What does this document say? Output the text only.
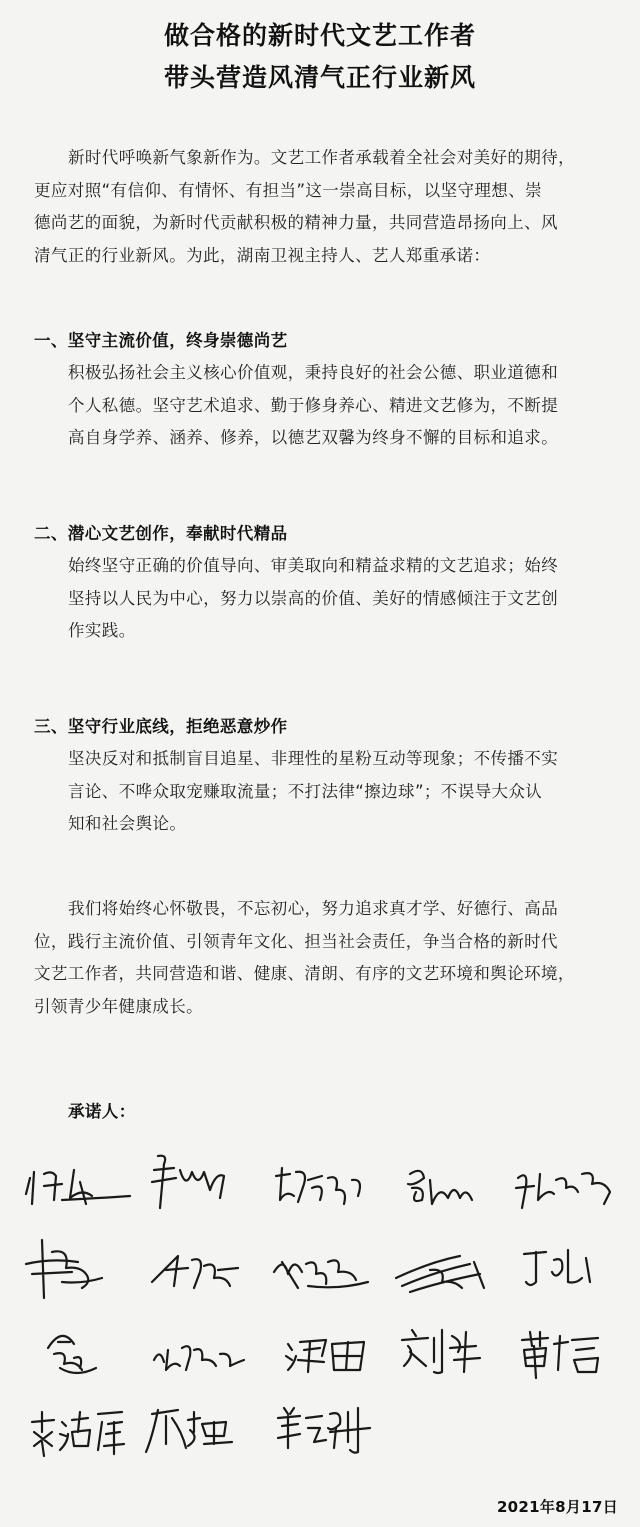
做合格的新时代文艺工作者
带头营造风清气正行业新风
新时代呼唤新气象新作为。文艺工作者承载着全社会对美好的期待，
更应对照“有信仰、有情怀、有担当”这一崇高目标，以坚守理想、崇
德尚艺的面貌，为新时代贡献积极的精神力量，共同营造昂扬向上、风
清气正的行业新风。为此，湖南卫视主持人、艺人郑重承诺：
一、坚守主流价值，终身崇德尚艺
积极弘扬社会主义核心价值观，秉持良好的社会公德、职业道德和
个人私德。坚守艺术追求、勤于修身养心、精进文艺修为，不断提
高自身学养、涵养、修养，以德艺双馨为终身不懈的目标和追求。
二、潜心文艺创作，奉献时代精品
始终坚守正确的价值导向、审美取向和精益求精的文艺追求；始终
坚持以人民为中心，努力以崇高的价值、美好的情感倾注于文艺创
作实践。
三、坚守行业底线，拒绝恶意炒作
坚决反对和抵制盲目追星、非理性的星粉互动等现象；不传播不实
言论、不哗众取宠赚取流量；不打法律“擦边球”；不误导大众认
知和社会舆论。
我们将始终心怀敬畏，不忘初心，努力追求真才学、好德行、高品
位，践行主流价值、引领青年文化、担当社会责任，争当合格的新时代
文艺工作者，共同营造和谐、健康、清朗、有序的文艺环境和舆论环境，
引领青少年健康成长。
承诺人：
2021年8月17日
